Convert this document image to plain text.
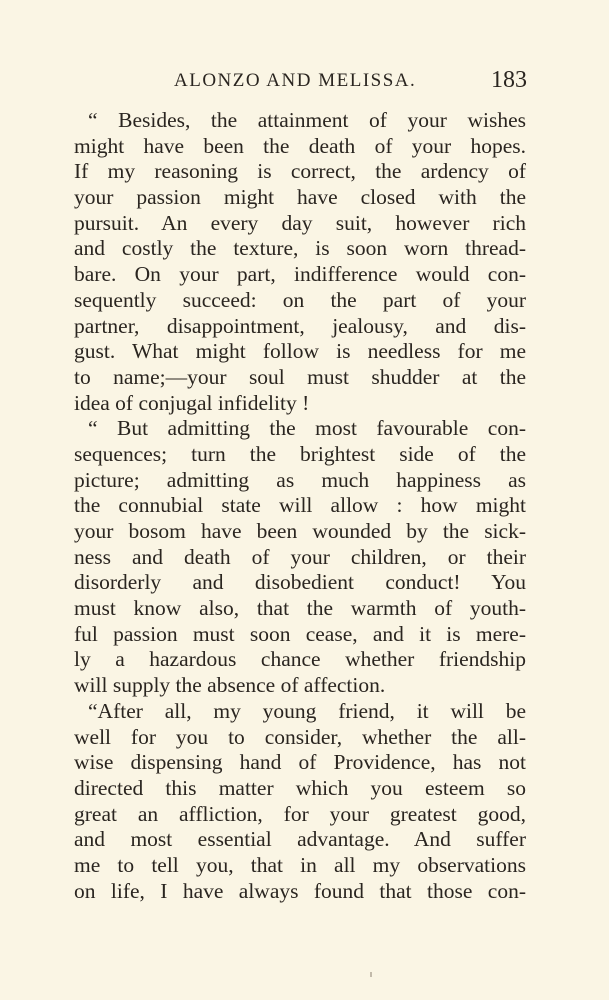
ALONZO AND MELISSA.	183
“ Besides, the attainment of your wishes
might have been the death of your hopes.
If my reasoning is correct, the ardency of
your passion might have closed with the
pursuit. An every day suit, however rich
and costly the texture, is soon worn thread-
bare. On your part, indifference would con-
sequently succeed: on the part of your
partner, disappointment, jealousy, and dis-
gust. What might follow is needless for me
to name;—your soul must shudder at the
idea of conjugal infidelity !
“ But admitting the most favourable con-
sequences; turn the brightest side of the
picture; admitting as much happiness as
the connubial state will allow : how might
your bosom have been wounded by the sick-
ness and death of your children, or their
disorderly and disobedient conduct! You
must know also, that the warmth of youth-
ful passion must soon cease, and it is mere-
ly a hazardous chance whether friendship
will supply the absence of affection.
“After all, my young friend, it will be
well for you to consider, whether the all-
wise dispensing hand of Providence, has not
directed this matter which you esteem so
great an affliction, for your greatest good,
and most essential advantage. And suffer
me to tell you, that in all my observations
on life, I have always found that those con-
